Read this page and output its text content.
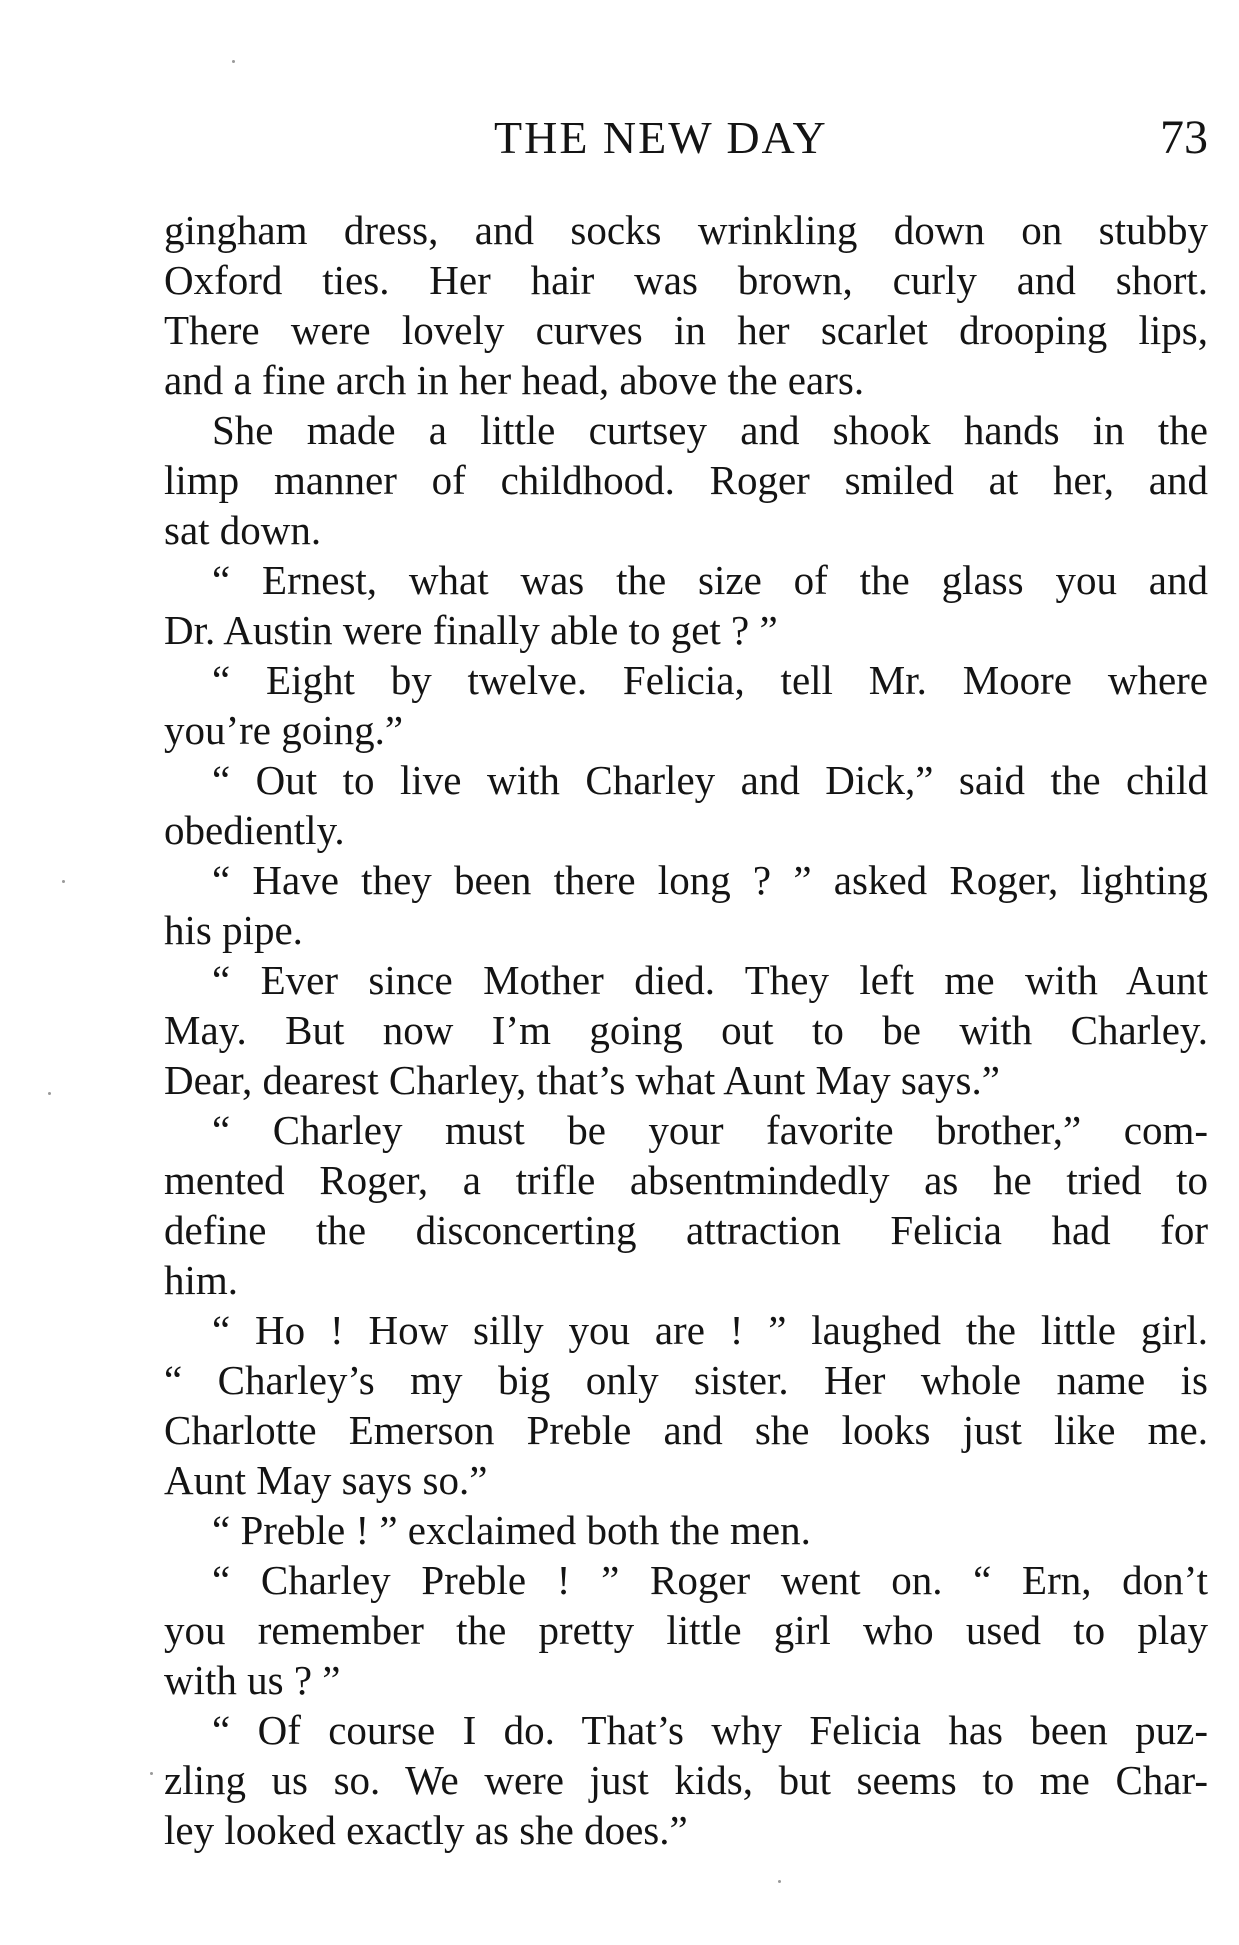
THE NEW DAY	73
gingham dress, and socks wrinkling down on stubby
Oxford ties. Her hair was brown, curly and short.
There were lovely curves in her scarlet drooping lips,
and a fine arch in her head, above the ears.
She made a little curtsey and shook hands in the
limp manner of childhood. Roger smiled at her, and
sat down.
“ Ernest, what was the size of the glass you and
Dr. Austin were finally able to get ? ”
“ Eight by twelve. Felicia, tell Mr. Moore where
you’re going.”
“ Out to live with Charley and Dick,” said the child
obediently.
“ Have they been there long ? ” asked Roger, lighting
his pipe.
“ Ever since Mother died. They left me with Aunt
May. But now I’m going out to be with Charley.
Dear, dearest Charley, that’s what Aunt May says.”
“ Charley must be your favorite brother,” com-
mented Roger, a trifle absentmindedly as he tried to
define the disconcerting attraction Felicia had for
him.
“ Ho ! How silly you are ! ” laughed the little girl.
“ Charley’s my big only sister. Her whole name is
Charlotte Emerson Preble and she looks just like me.
Aunt May says so.”
“ Preble ! ” exclaimed both the men.
“ Charley Preble ! ” Roger went on. “ Ern, don’t
you remember the pretty little girl who used to play
with us ? ”
“ Of course I do. That’s why Felicia has been puz-
zling us so. We were just kids, but seems to me Char-
ley looked exactly as she does.”
